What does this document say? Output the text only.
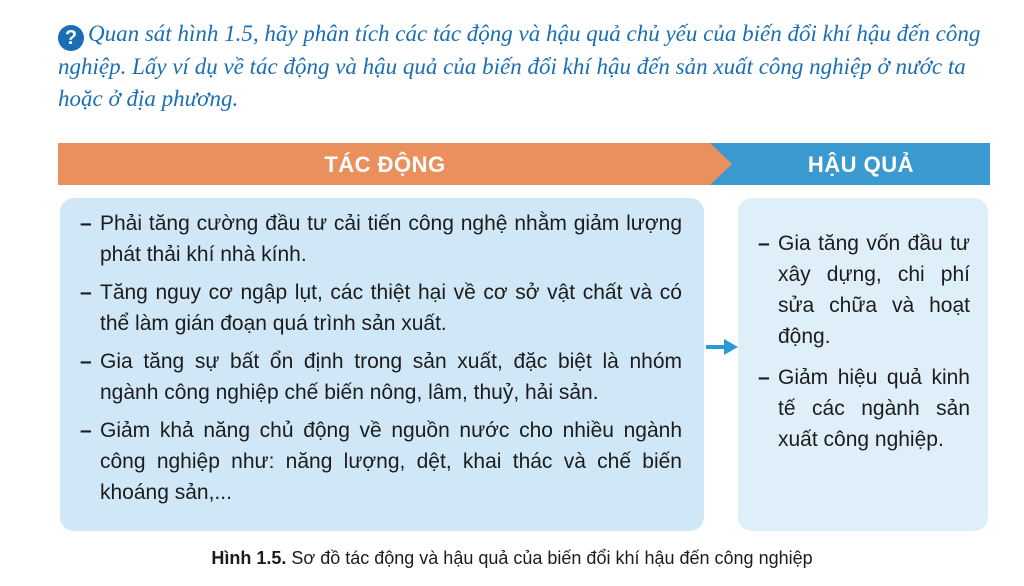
? Quan sát hình 1.5, hãy phân tích các tác động và hậu quả chủ yếu của biến đổi khí hậu đến công nghiệp. Lấy ví dụ về tác động và hậu quả của biến đổi khí hậu đến sản xuất công nghiệp ở nước ta hoặc ở địa phương.

TÁC ĐỘNG	HẬU QUẢ
– Phải tăng cường đầu tư cải tiến công nghệ nhằm giảm lượng phát thải khí nhà kính.
– Tăng nguy cơ ngập lụt, các thiệt hại về cơ sở vật chất và có thể làm gián đoạn quá trình sản xuất.
– Gia tăng sự bất ổn định trong sản xuất, đặc biệt là nhóm ngành công nghiệp chế biến nông, lâm, thuỷ, hải sản.
– Giảm khả năng chủ động về nguồn nước cho nhiều ngành công nghiệp như: năng lượng, dệt, khai thác và chế biến khoáng sản,...
– Gia tăng vốn đầu tư xây dựng, chi phí sửa chữa và hoạt động.
– Giảm hiệu quả kinh tế các ngành sản xuất công nghiệp.
Hình 1.5. Sơ đồ tác động và hậu quả của biến đổi khí hậu đến công nghiệp
